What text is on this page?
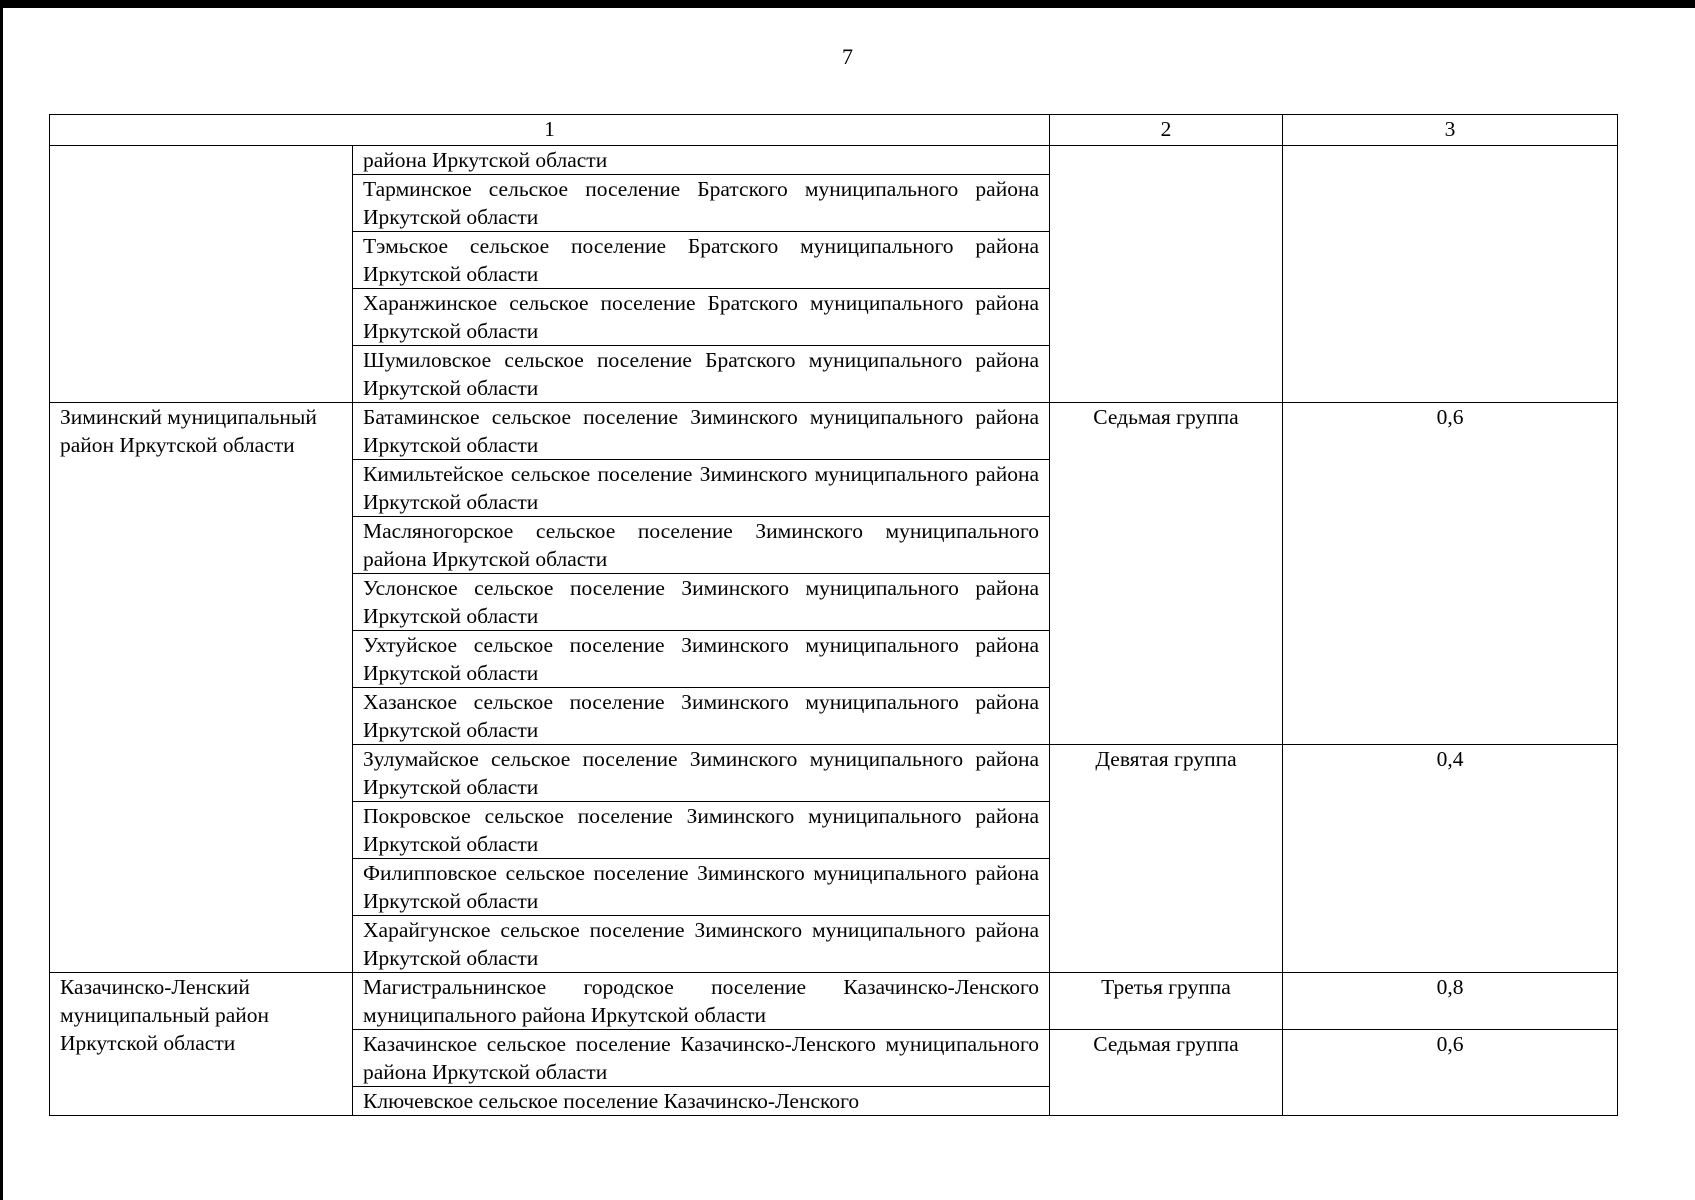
7
1		2	3
	района Иркутской области		
	Тарминское сельское поселение Братского муниципального района Иркутской области		
	Тэмьское сельское поселение Братского муниципального района Иркутской области		
	Харанжинское сельское поселение Братского муниципального района Иркутской области		
	Шумиловское сельское поселение Братского муниципального района Иркутской области		
Зиминский муниципальный район Иркутской области	Батаминское сельское поселение Зиминского муниципального района Иркутской области	Седьмая группа	0,6
	Кимильтейское сельское поселение Зиминского муниципального района Иркутской области		
	Масляногорское сельское поселение Зиминского муниципального района Иркутской области		
	Услонское сельское поселение Зиминского муниципального района Иркутской области		
	Ухтуйское сельское поселение Зиминского муниципального района Иркутской области		
	Хазанское сельское поселение Зиминского муниципального района Иркутской области		
	Зулумайское сельское поселение Зиминского муниципального района Иркутской области	Девятая группа	0,4
	Покровское сельское поселение Зиминского муниципального района Иркутской области		
	Филипповское сельское поселение Зиминского муниципального района Иркутской области		
	Харайгунское сельское поселение Зиминского муниципального района Иркутской области		
Казачинско-Ленский муниципальный район Иркутской области	Магистральнинское городское поселение Казачинско-Ленского муниципального района Иркутской области	Третья группа	0,8
	Казачинское сельское поселение Казачинско-Ленского муниципального района Иркутской области	Седьмая группа	0,6
	Ключевское сельское поселение Казачинско-Ленского		
